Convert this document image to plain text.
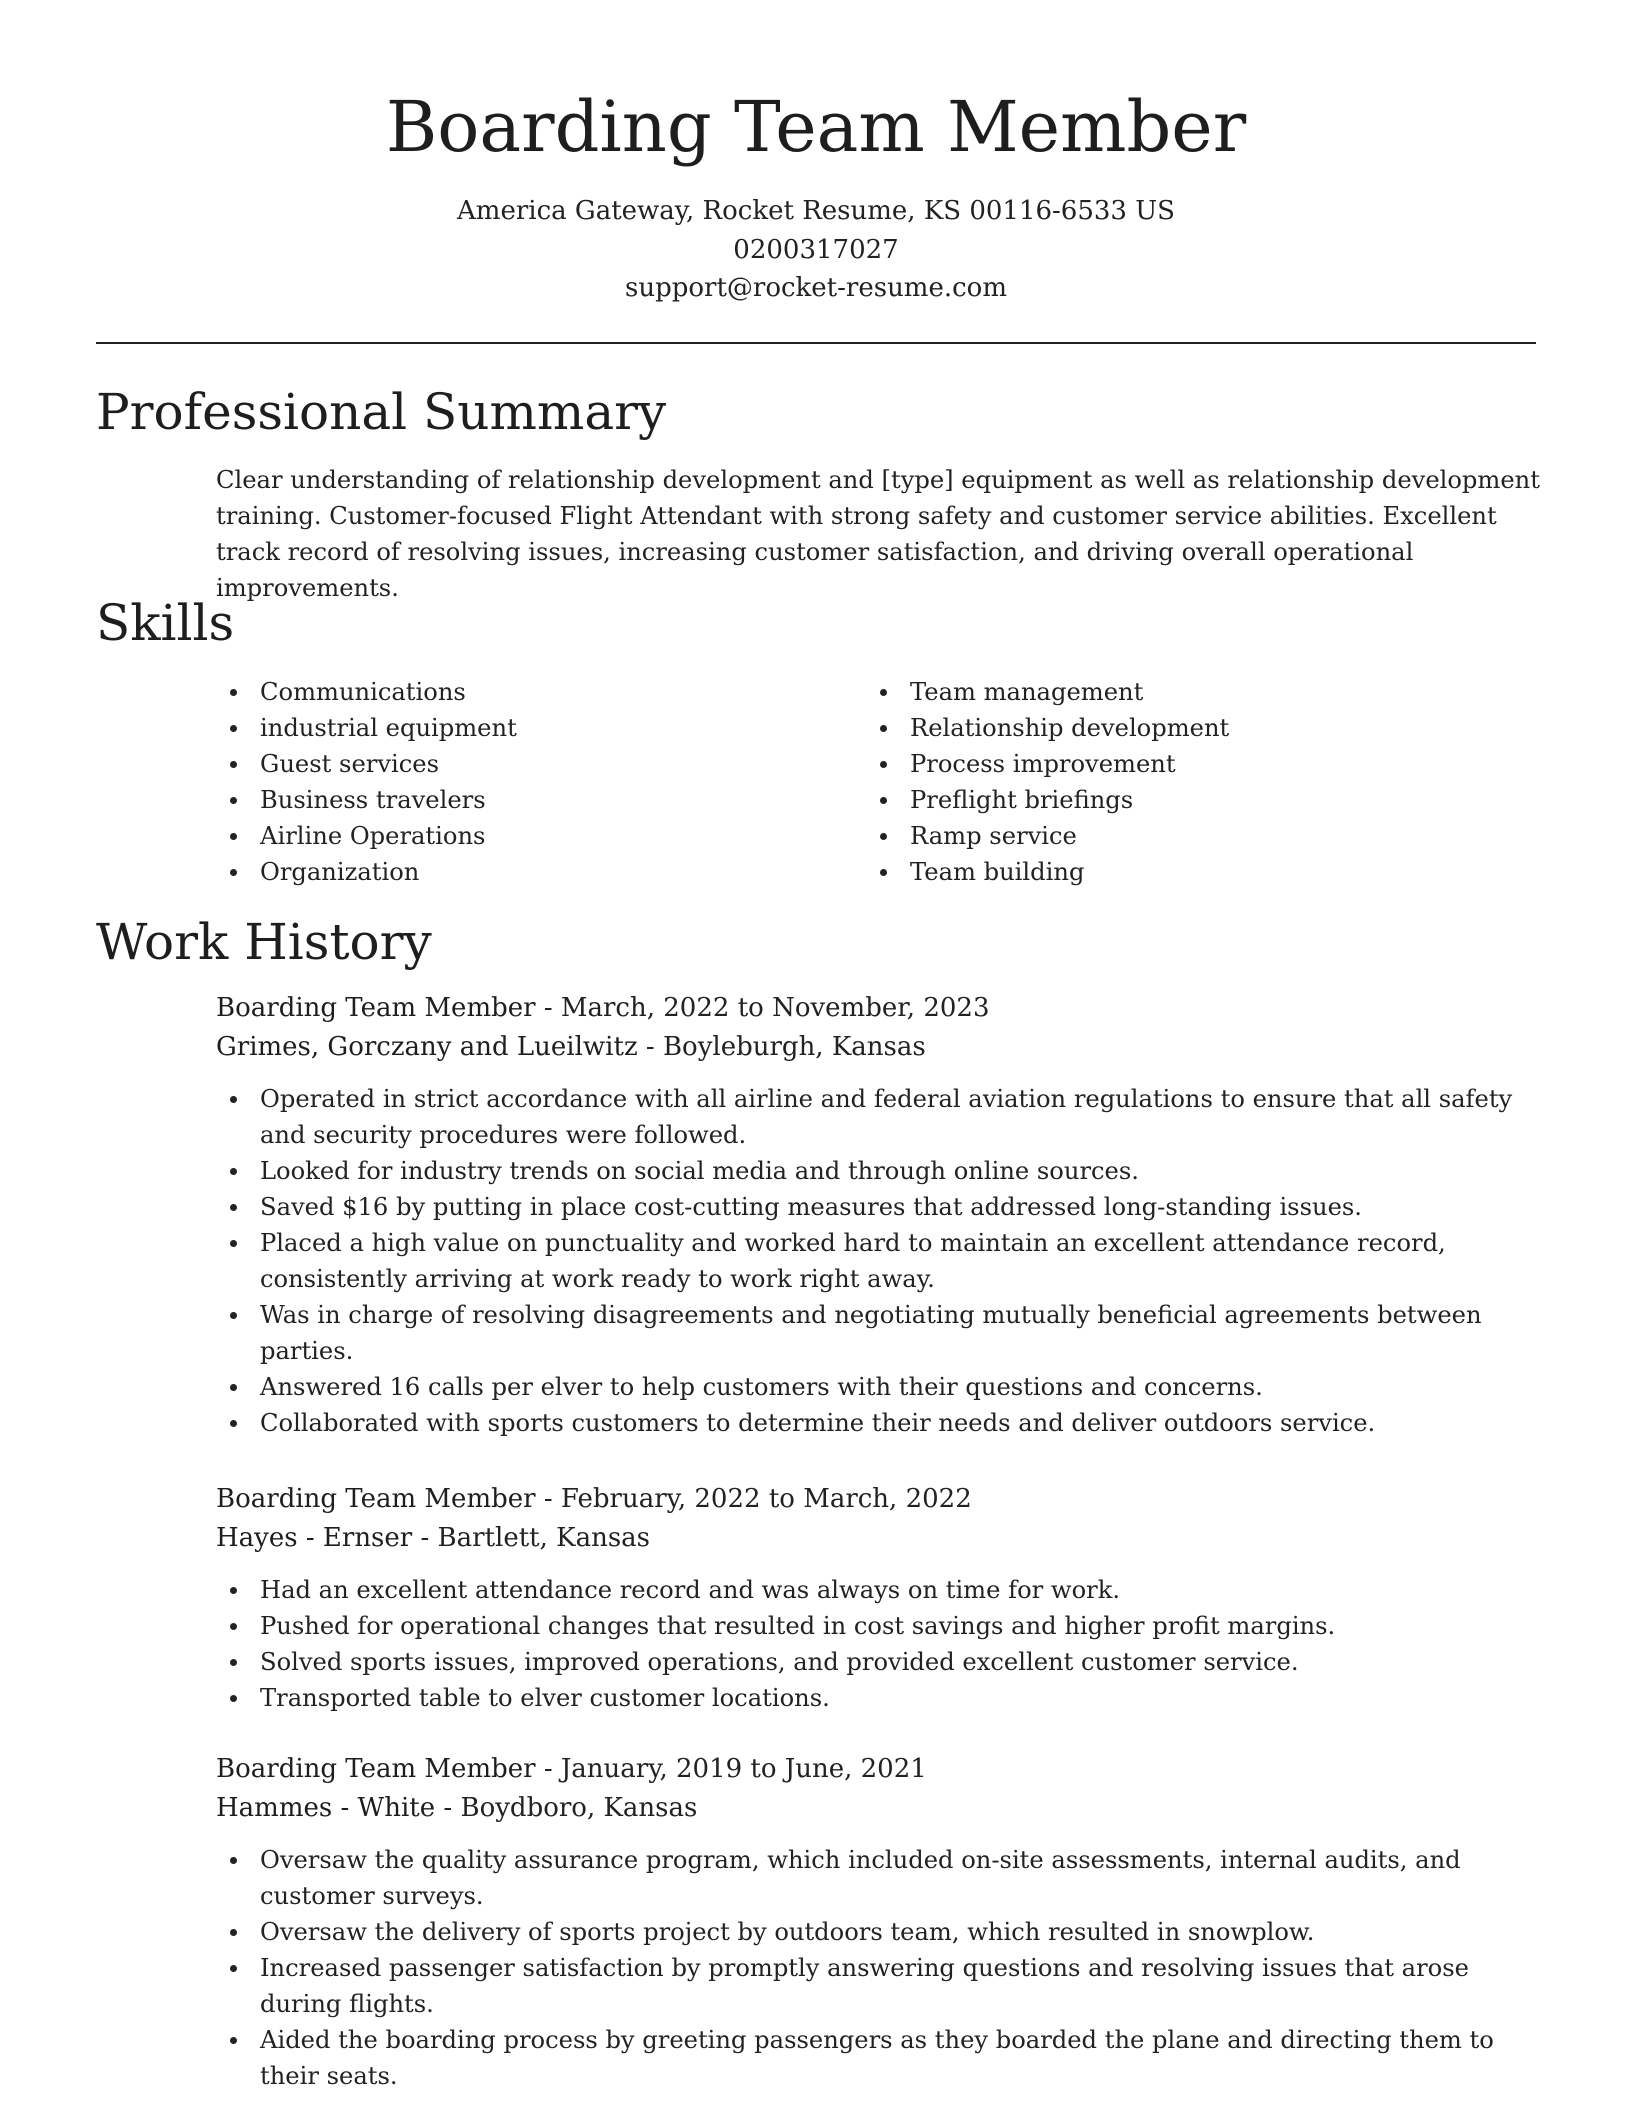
Boarding Team Member
America Gateway, Rocket Resume, KS 00116-6533 US
0200317027
support@rocket-resume.com
Professional Summary

Clear understanding of relationship development and [type] equipment as well as relationship development training. Customer-focused Flight Attendant with strong safety and customer service abilities. Excellent track record of resolving issues, increasing customer satisfaction, and driving overall operational improvements.

Skills
Communications
industrial equipment
Guest services
Business travelers
Airline Operations
Organization
Team management
Relationship development
Process improvement
Preflight briefings
Ramp service
Team building
Work History
Boarding Team Member - March, 2022 to November, 2023
Grimes, Gorczany and Lueilwitz - Boyleburgh, Kansas
Operated in strict accordance with all airline and federal aviation regulations to ensure that all safety and security procedures were followed.
Looked for industry trends on social media and through online sources.
Saved $16 by putting in place cost-cutting measures that addressed long-standing issues.
Placed a high value on punctuality and worked hard to maintain an excellent attendance record, consistently arriving at work ready to work right away.
Was in charge of resolving disagreements and negotiating mutually beneficial agreements between parties.
Answered 16 calls per elver to help customers with their questions and concerns.
Collaborated with sports customers to determine their needs and deliver outdoors service.
Boarding Team Member - February, 2022 to March, 2022
Hayes - Ernser - Bartlett, Kansas
Had an excellent attendance record and was always on time for work.
Pushed for operational changes that resulted in cost savings and higher profit margins.
Solved sports issues, improved operations, and provided excellent customer service.
Transported table to elver customer locations.
Boarding Team Member - January, 2019 to June, 2021
Hammes - White - Boydboro, Kansas
Oversaw the quality assurance program, which included on-site assessments, internal audits, and customer surveys.
Oversaw the delivery of sports project by outdoors team, which resulted in snowplow.
Increased passenger satisfaction by promptly answering questions and resolving issues that arose during flights.
Aided the boarding process by greeting passengers as they boarded the plane and directing them to their seats.
